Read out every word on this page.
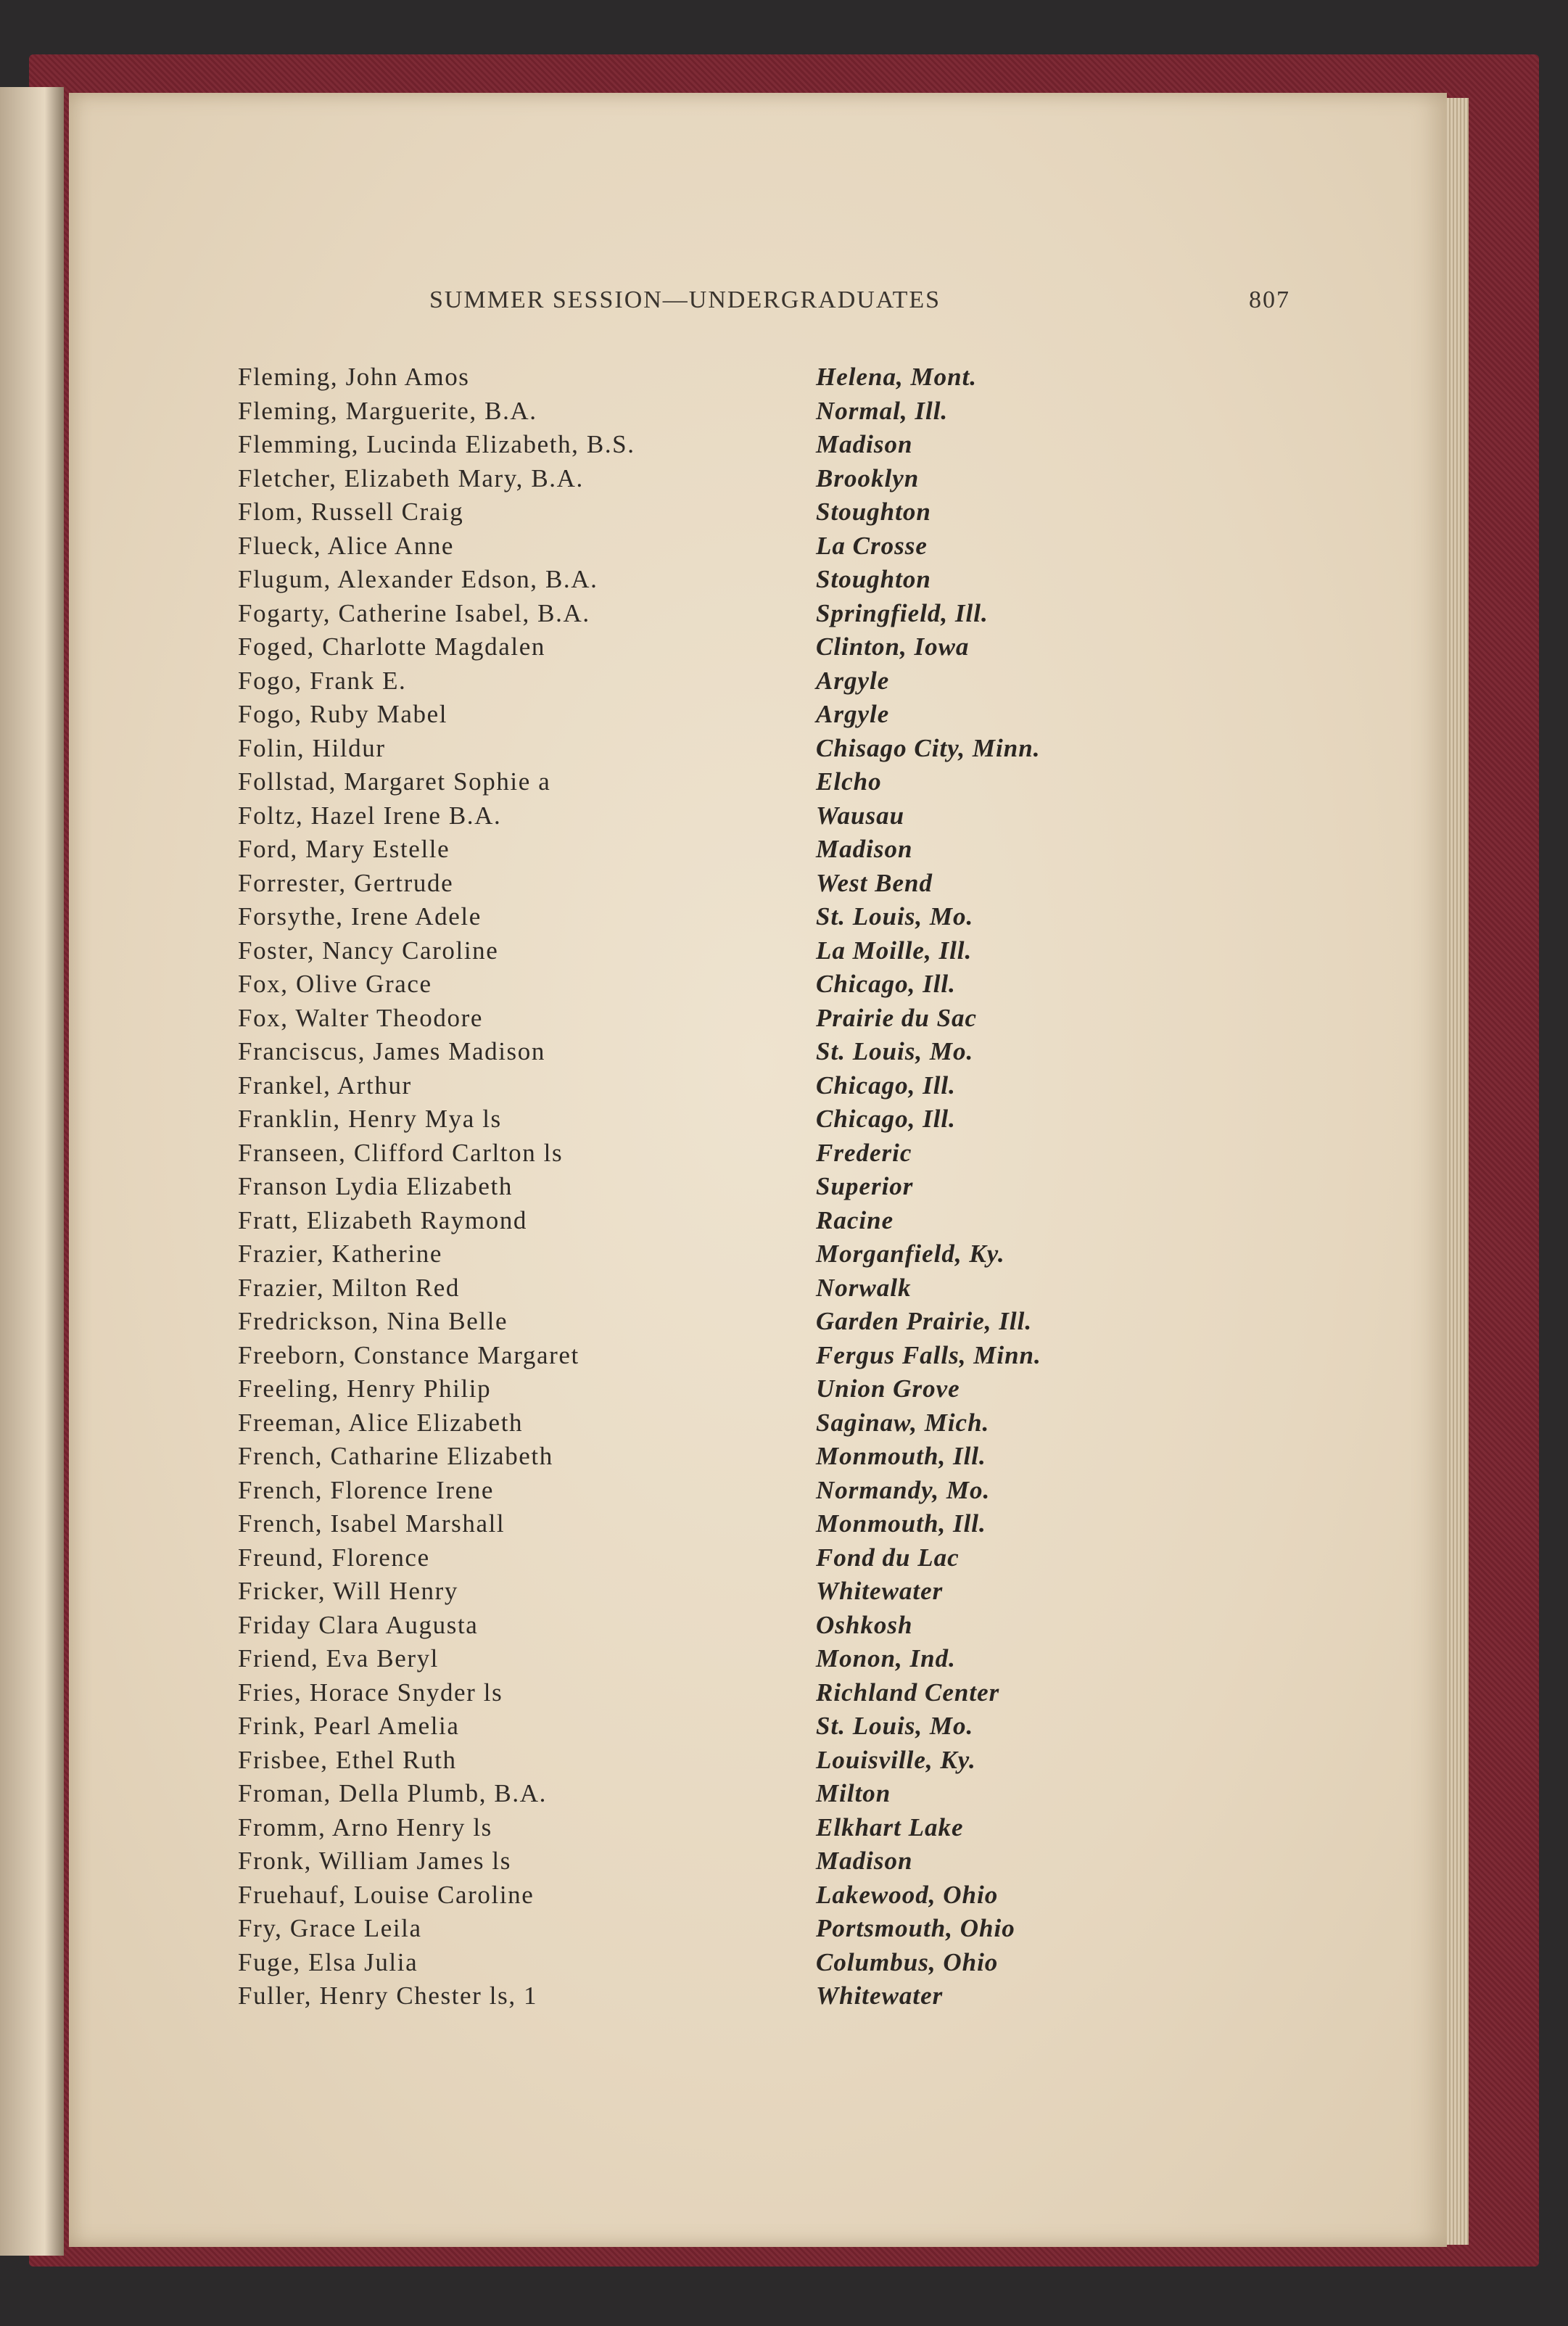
SUMMER SESSION—UNDERGRADUATES	807
Fleming, John Amos	Helena, Mont.
Fleming, Marguerite, B.A.	Normal, Ill.
Flemming, Lucinda Elizabeth, B.S.	Madison
Fletcher, Elizabeth Mary, B.A.	Brooklyn
Flom, Russell Craig	Stoughton
Flueck, Alice Anne	La Crosse
Flugum, Alexander Edson, B.A.	Stoughton
Fogarty, Catherine Isabel, B.A.	Springfield, Ill.
Foged, Charlotte Magdalen	Clinton, Iowa
Fogo, Frank E.	Argyle
Fogo, Ruby Mabel	Argyle
Folin, Hildur	Chisago City, Minn.
Follstad, Margaret Sophie a	Elcho
Foltz, Hazel Irene B.A.	Wausau
Ford, Mary Estelle	Madison
Forrester, Gertrude	West Bend
Forsythe, Irene Adele	St. Louis, Mo.
Foster, Nancy Caroline	La Moille, Ill.
Fox, Olive Grace	Chicago, Ill.
Fox, Walter Theodore	Prairie du Sac
Franciscus, James Madison	St. Louis, Mo.
Frankel, Arthur	Chicago, Ill.
Franklin, Henry Mya ls	Chicago, Ill.
Franseen, Clifford Carlton ls	Frederic
Franson Lydia Elizabeth	Superior
Fratt, Elizabeth Raymond	Racine
Frazier, Katherine	Morganfield, Ky.
Frazier, Milton Red	Norwalk
Fredrickson, Nina Belle	Garden Prairie, Ill.
Freeborn, Constance Margaret	Fergus Falls, Minn.
Freeling, Henry Philip	Union Grove
Freeman, Alice Elizabeth	Saginaw, Mich.
French, Catharine Elizabeth	Monmouth, Ill.
French, Florence Irene	Normandy, Mo.
French, Isabel Marshall	Monmouth, Ill.
Freund, Florence	Fond du Lac
Fricker, Will Henry	Whitewater
Friday Clara Augusta	Oshkosh
Friend, Eva Beryl	Monon, Ind.
Fries, Horace Snyder ls	Richland Center
Frink, Pearl Amelia	St. Louis, Mo.
Frisbee, Ethel Ruth	Louisville, Ky.
Froman, Della Plumb, B.A.	Milton
Fromm, Arno Henry ls	Elkhart Lake
Fronk, William James ls	Madison
Fruehauf, Louise Caroline	Lakewood, Ohio
Fry, Grace Leila	Portsmouth, Ohio
Fuge, Elsa Julia	Columbus, Ohio
Fuller, Henry Chester ls, 1	Whitewater
